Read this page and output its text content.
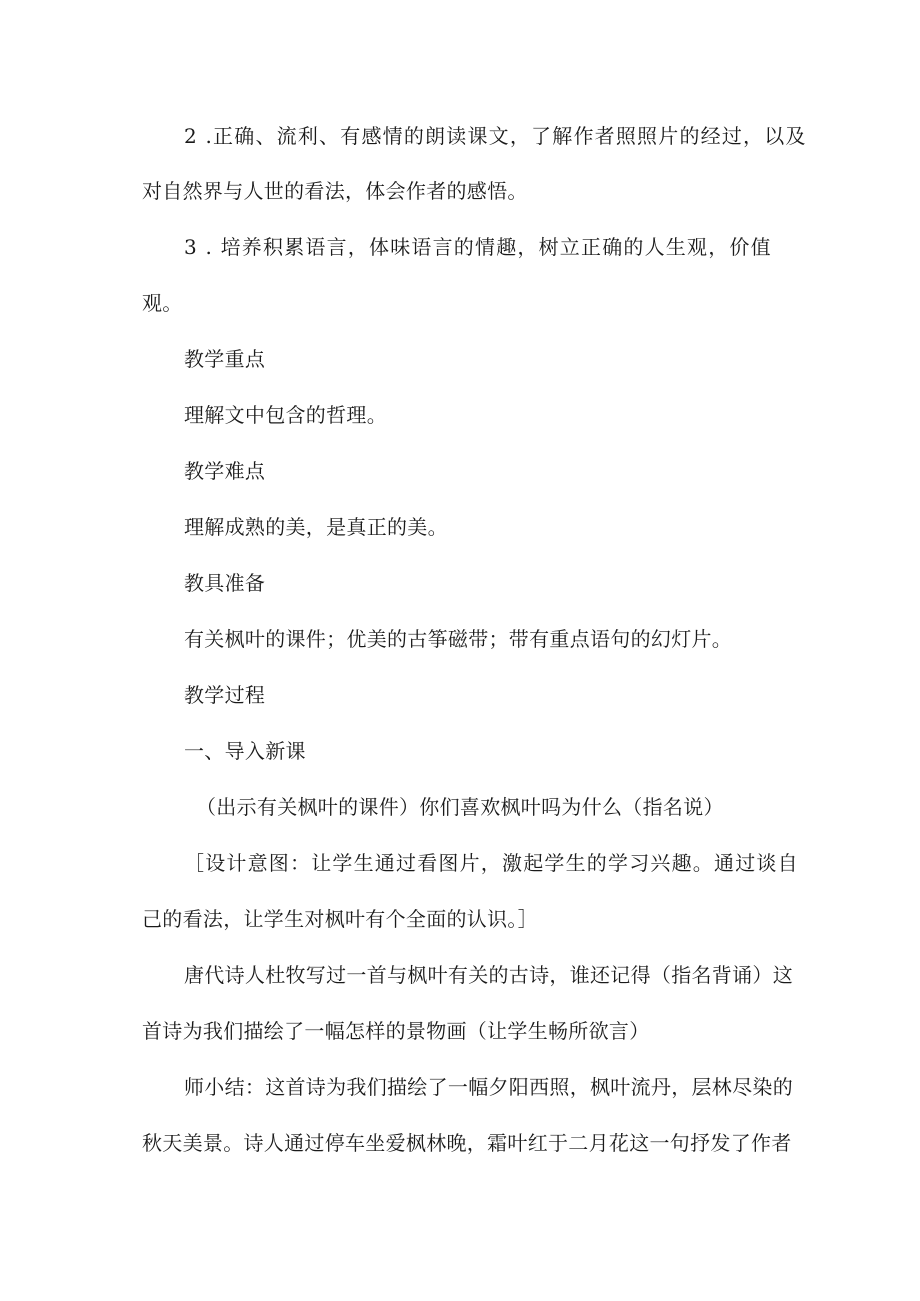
2 .正确、流利、有感情的朗读课文，了解作者照照片的经过，以及
对自然界与人世的看法，体会作者的感悟。
3 . 培养积累语言，体味语言的情趣，树立正确的人生观，价值
观。
教学重点
理解文中包含的哲理。
教学难点
理解成熟的美，是真正的美。
教具准备
有关枫叶的课件；优美的古筝磁带；带有重点语句的幻灯片。
教学过程
一、导入新课
（出示有关枫叶的课件）你们喜欢枫叶吗为什么（指名说）
［设计意图：让学生通过看图片，激起学生的学习兴趣。通过谈自
己的看法，让学生对枫叶有个全面的认识。］
唐代诗人杜牧写过一首与枫叶有关的古诗，谁还记得（指名背诵）这
首诗为我们描绘了一幅怎样的景物画（让学生畅所欲言）
师小结：这首诗为我们描绘了一幅夕阳西照，枫叶流丹，层林尽染的
秋天美景。诗人通过停车坐爱枫林晚，霜叶红于二月花这一句抒发了作者
